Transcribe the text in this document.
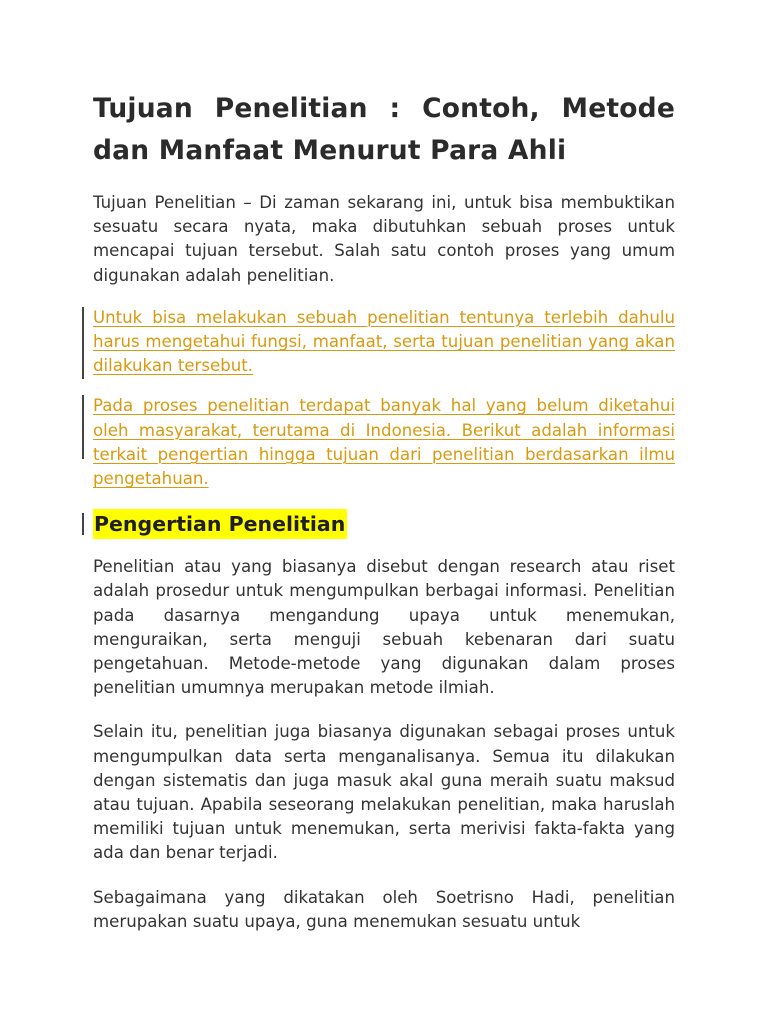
Tujuan Penelitian : Contoh, Metode dan Manfaat Menurut Para Ahli

Tujuan Penelitian – Di zaman sekarang ini, untuk bisa membuktikan sesuatu secara nyata, maka dibutuhkan sebuah proses untuk mencapai tujuan tersebut. Salah satu contoh proses yang umum digunakan adalah penelitian.

Untuk bisa melakukan sebuah penelitian tentunya terlebih dahulu harus mengetahui fungsi, manfaat, serta tujuan penelitian yang akan dilakukan tersebut.

Pada proses penelitian terdapat banyak hal yang belum diketahui oleh masyarakat, terutama di Indonesia. Berikut adalah informasi terkait pengertian hingga tujuan dari penelitian berdasarkan ilmu pengetahuan.

Pengertian Penelitian

Penelitian atau yang biasanya disebut dengan research atau riset adalah prosedur untuk mengumpulkan berbagai informasi. Penelitian pada dasarnya mengandung upaya untuk menemukan, menguraikan, serta menguji sebuah kebenaran dari suatu pengetahuan. Metode-metode yang digunakan dalam proses penelitian umumnya merupakan metode ilmiah.

Selain itu, penelitian juga biasanya digunakan sebagai proses untuk mengumpulkan data serta menganalisanya. Semua itu dilakukan dengan sistematis dan juga masuk akal guna meraih suatu maksud atau tujuan. Apabila seseorang melakukan penelitian, maka haruslah memiliki tujuan untuk menemukan, serta merivisi fakta-fakta yang ada dan benar terjadi.

Sebagaimana yang dikatakan oleh Soetrisno Hadi, penelitian merupakan suatu upaya, guna menemukan sesuatu untuk
